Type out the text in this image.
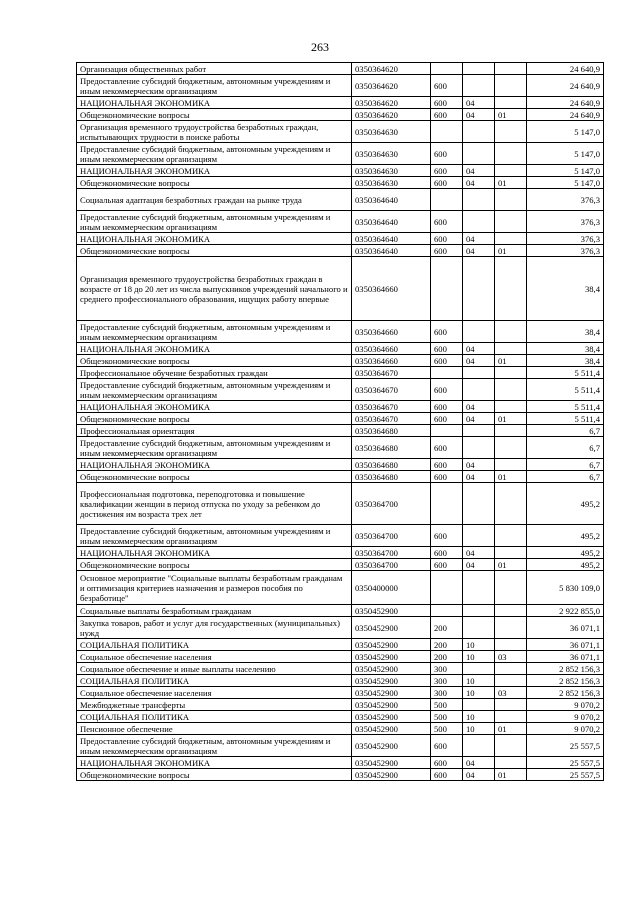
263
Организация общественных работ	0350364620				24 640,9
Предоставление субсидий бюджетным, автономным учреждениям и иным некоммерческим организациям	0350364620	600			24 640,9
НАЦИОНАЛЬНАЯ ЭКОНОМИКА	0350364620	600	04		24 640,9
Общеэкономические вопросы	0350364620	600	04	01	24 640,9
Организация временного трудоустройства безработных граждан, испытывающих трудности в поиске работы	0350364630				5 147,0
Предоставление субсидий бюджетным, автономным учреждениям и иным некоммерческим организациям	0350364630	600			5 147,0
НАЦИОНАЛЬНАЯ ЭКОНОМИКА	0350364630	600	04		5 147,0
Общеэкономические вопросы	0350364630	600	04	01	5 147,0
Социальная адаптация безработных граждан на рынке труда	0350364640				376,3
Предоставление субсидий бюджетным, автономным учреждениям и иным некоммерческим организациям	0350364640	600			376,3
НАЦИОНАЛЬНАЯ ЭКОНОМИКА	0350364640	600	04		376,3
Общеэкономические вопросы	0350364640	600	04	01	376,3
Организация временного трудоустройства безработных граждан в возрасте от 18 до 20 лет из числа выпускников учреждений начального и среднего профессионального образования, ищущих работу впервые	0350364660				38,4
Предоставление субсидий бюджетным, автономным учреждениям и иным некоммерческим организациям	0350364660	600			38,4
НАЦИОНАЛЬНАЯ ЭКОНОМИКА	0350364660	600	04		38,4
Общеэкономические вопросы	0350364660	600	04	01	38,4
Профессиональное обучение безработных граждан	0350364670				5 511,4
Предоставление субсидий бюджетным, автономным учреждениям и иным некоммерческим организациям	0350364670	600			5 511,4
НАЦИОНАЛЬНАЯ ЭКОНОМИКА	0350364670	600	04		5 511,4
Общеэкономические вопросы	0350364670	600	04	01	5 511,4
Профессиональная ориентация	0350364680				6,7
Предоставление субсидий бюджетным, автономным учреждениям и иным некоммерческим организациям	0350364680	600			6,7
НАЦИОНАЛЬНАЯ ЭКОНОМИКА	0350364680	600	04		6,7
Общеэкономические вопросы	0350364680	600	04	01	6,7
Профессиональная подготовка, переподготовка и повышение квалификации женщин в период отпуска по уходу за ребенком до достижения им возраста трех лет	0350364700				495,2
Предоставление субсидий бюджетным, автономным учреждениям и иным некоммерческим организациям	0350364700	600			495,2
НАЦИОНАЛЬНАЯ ЭКОНОМИКА	0350364700	600	04		495,2
Общеэкономические вопросы	0350364700	600	04	01	495,2
Основное мероприятие "Социальные выплаты безработным гражданам и оптимизация критериев назначения и размеров пособия по безработице"	0350400000				5 830 109,0
Социальные выплаты безработным гражданам	0350452900				2 922 855,0
Закупка товаров, работ и услуг для государственных (муниципальных) нужд	0350452900	200			36 071,1
СОЦИАЛЬНАЯ ПОЛИТИКА	0350452900	200	10		36 071,1
Социальное обеспечение населения	0350452900	200	10	03	36 071,1
Социальное обеспечение и иные выплаты населению	0350452900	300			2 852 156,3
СОЦИАЛЬНАЯ ПОЛИТИКА	0350452900	300	10		2 852 156,3
Социальное обеспечение населения	0350452900	300	10	03	2 852 156,3
Межбюджетные трансферты	0350452900	500			9 070,2
СОЦИАЛЬНАЯ ПОЛИТИКА	0350452900	500	10		9 070,2
Пенсионное обеспечение	0350452900	500	10	01	9 070,2
Предоставление субсидий бюджетным, автономным учреждениям и иным некоммерческим организациям	0350452900	600			25 557,5
НАЦИОНАЛЬНАЯ ЭКОНОМИКА	0350452900	600	04		25 557,5
Общеэкономические вопросы	0350452900	600	04	01	25 557,5
